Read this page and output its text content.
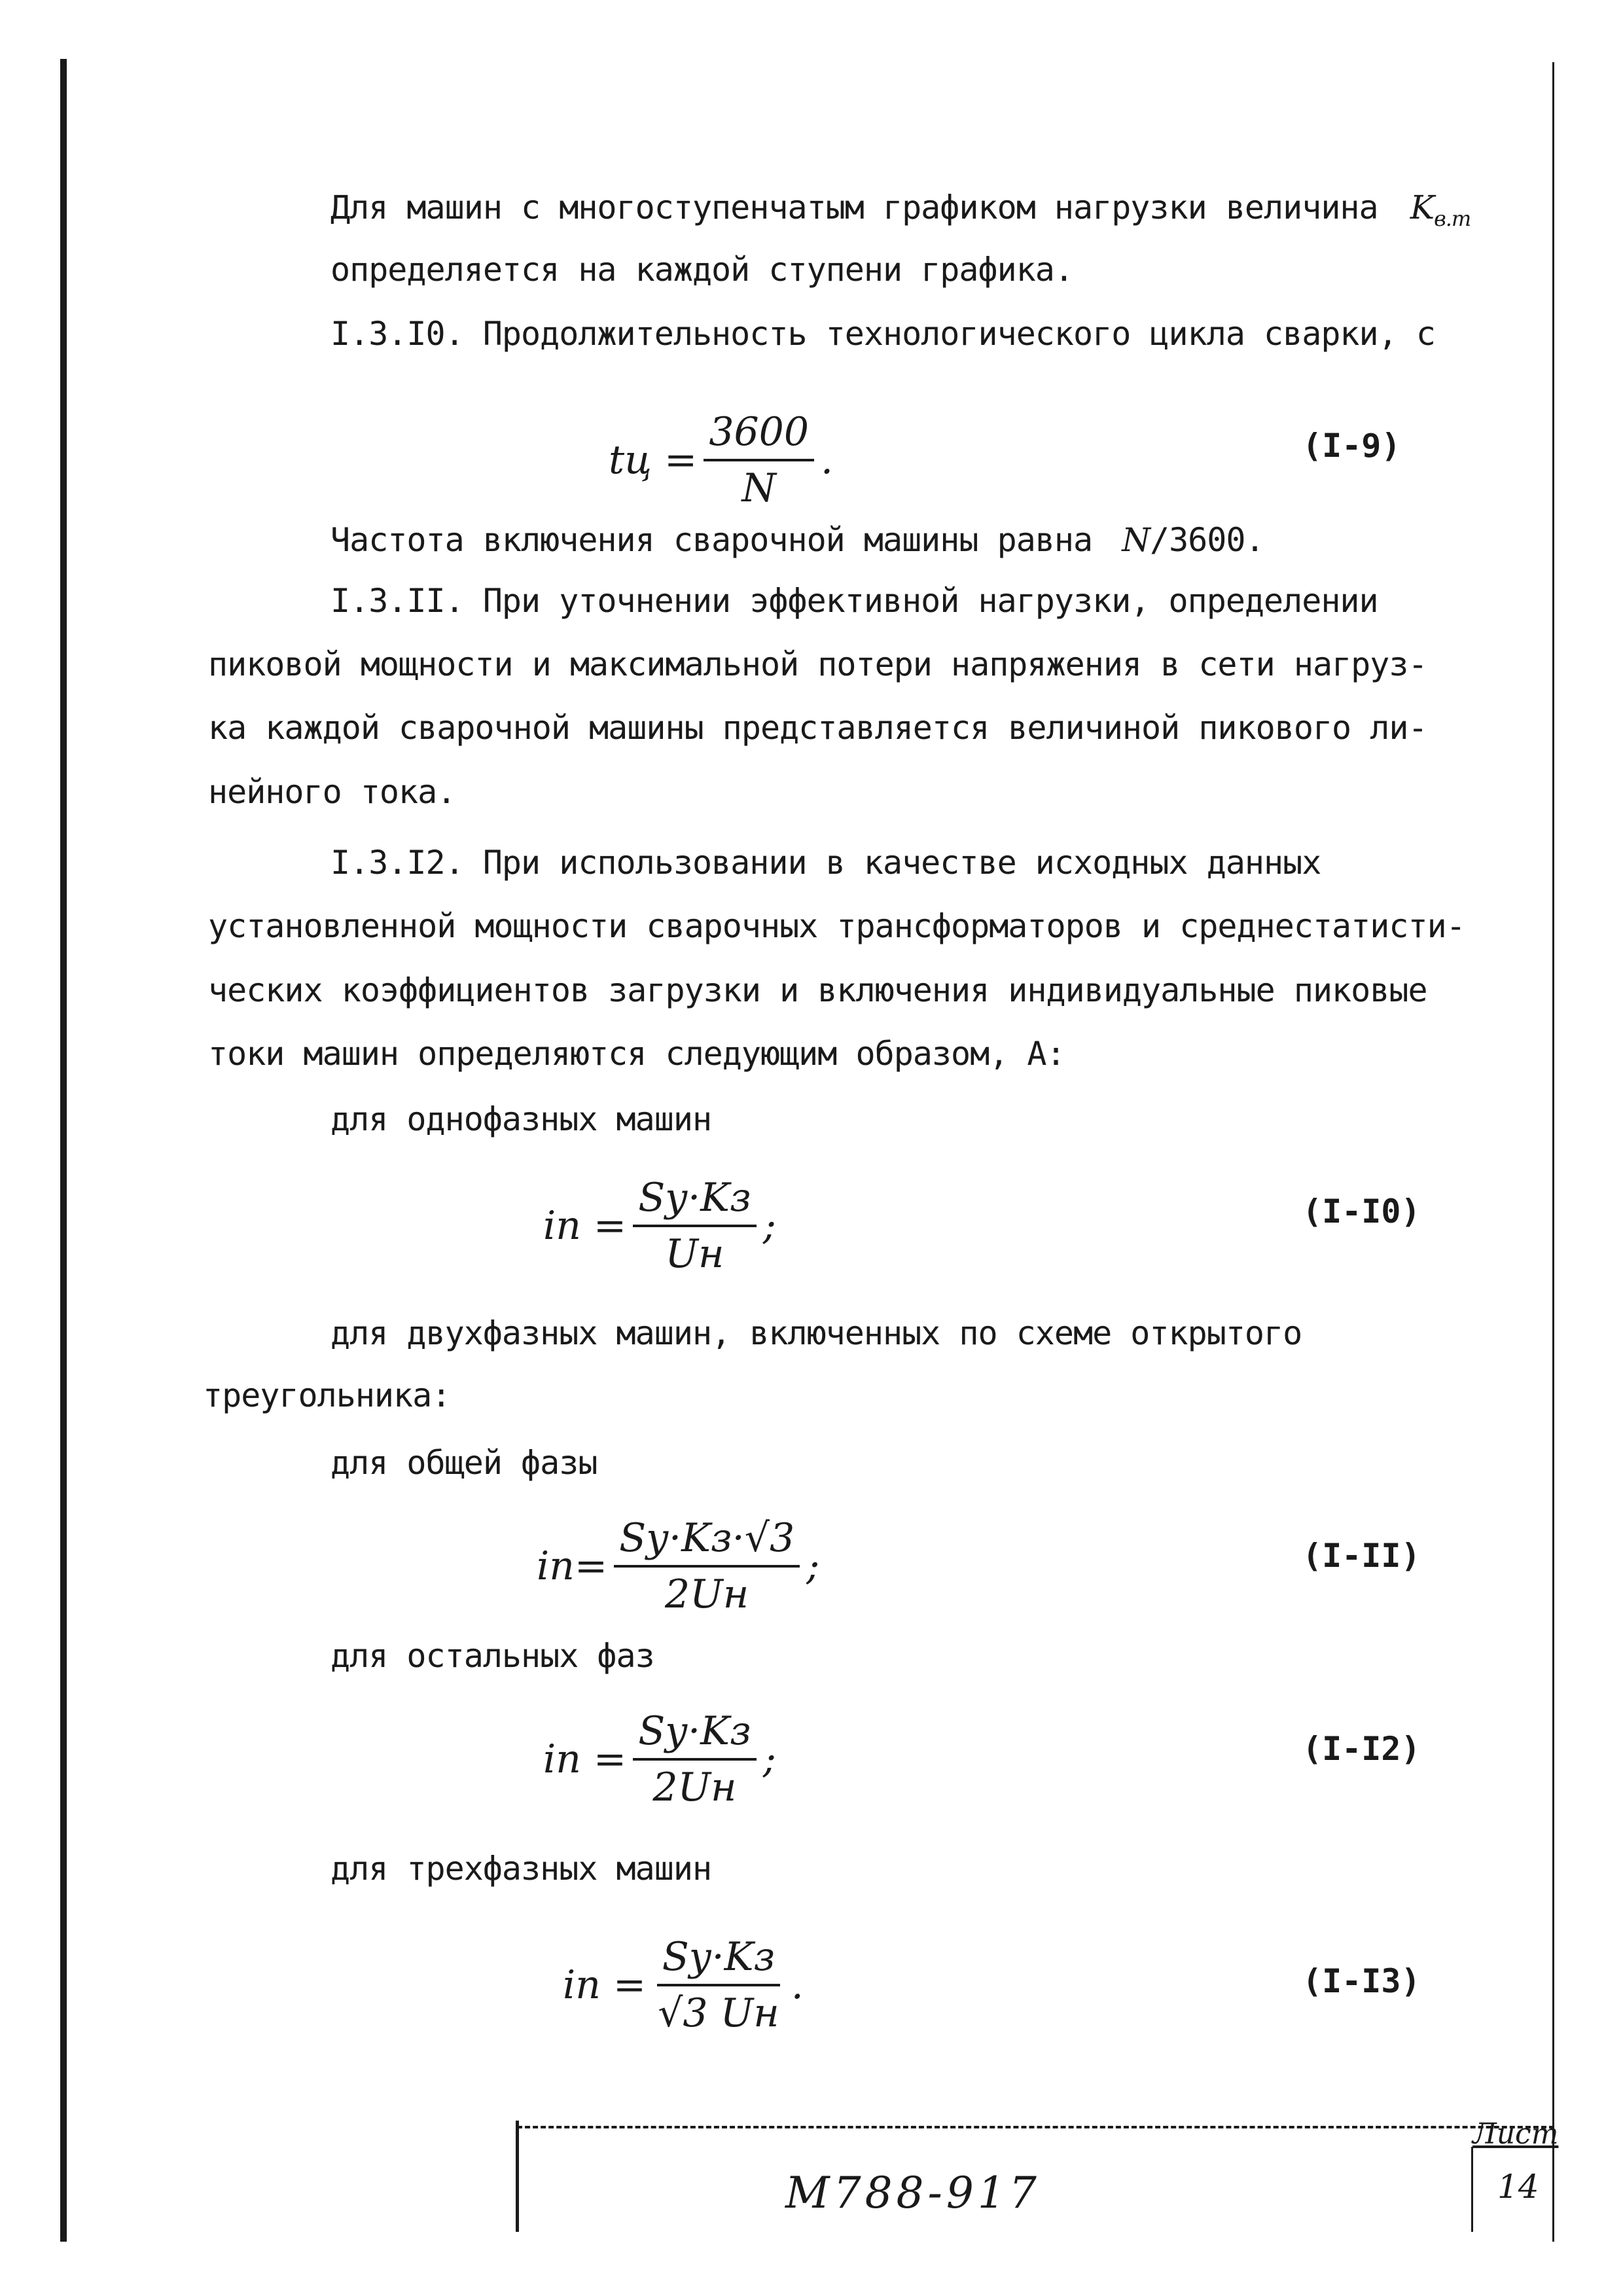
Для машин с многоступенчатым графиком нагрузки величина $K_{в.т}$
определяется на каждой ступени графика.
I.3.I0. Продолжительность технологического цикла сварки, с
tц = $\frac{3600}{N}$ .	(I-9)
Частота включения сварочной машины равна N/3600.
I.3.II. При уточнении эффективной нагрузки, определении
пиковой мощности и максимальной потери напряжения в сети нагруз-
ка каждой сварочной машины представляется величиной пикового ли-
нейного тока.
I.3.I2. При использовании в качестве исходных данных
установленной мощности сварочных трансформаторов и среднестатисти-
ческих коэффициентов загрузки и включения индивидуальные пиковые
токи машин определяются следующим образом, А:
для однофазных машин
iп = $\frac{Sу\cdot Kз}{Uн}$ ;	(I-I0)
для двухфазных машин, включенных по схеме открытого
треугольника:
для общей фазы
$iп= \frac{Sу\cdot Kз\cdot√3}{2Uн}$ ;	(I-II)
для остальных фаз
iп = $\frac{Sу\cdot Kз}{2Uн}$ ;	(I-I2)
для трехфазных машин
iп = $\frac{Sу\cdot Kз}{√3 Uн}$ .	(I-I3)
М788-917
Лист
14
